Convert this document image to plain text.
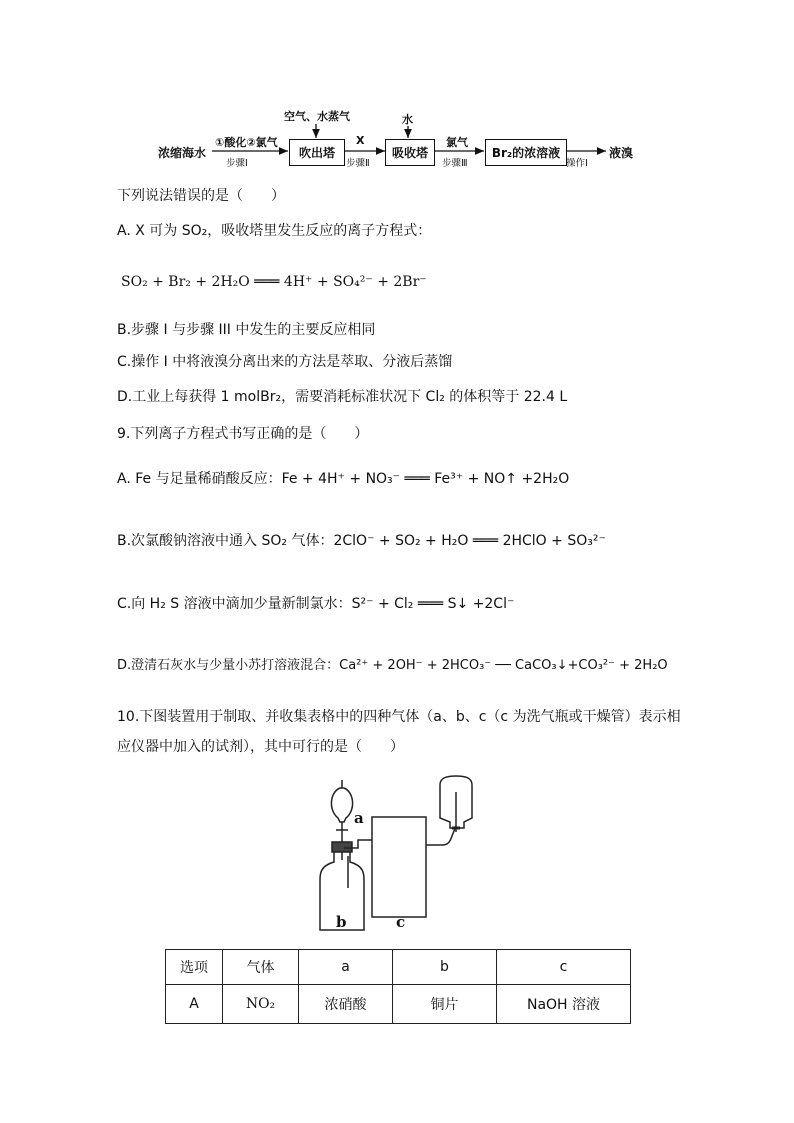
浓缩海水
①酸化②氯气
步骤Ⅰ
空气、水蒸气
吹出塔
X
步骤Ⅱ
水
吸收塔
氯气
步骤Ⅲ
Br₂的浓溶液
操作Ⅰ
液溴
下列说法错误的是（　　）
A. X 可为 SO₂，吸收塔里发生反应的离子方程式：
SO₂ + Br₂ + 2H₂O ═══ 4H⁺ + SO₄²⁻ + 2Br⁻
B.步骤 I 与步骤 III 中发生的主要反应相同
C.操作 I 中将液溴分离出来的方法是萃取、分液后蒸馏
D.工业上每获得 1 molBr₂，需要消耗标准状况下 Cl₂ 的体积等于 22.4 L
9.下列离子方程式书写正确的是（　　）
A. Fe 与足量稀硝酸反应：Fe + 4H⁺ + NO₃⁻ ═══ Fe³⁺ + NO↑ +2H₂O
B.次氯酸钠溶液中通入 SO₂ 气体：2ClO⁻ + SO₂ + H₂O ═══ 2HClO + SO₃²⁻
C.向 H₂ S 溶液中滴加少量新制氯水：S²⁻ + Cl₂ ═══ S↓ +2Cl⁻
D.澄清石灰水与少量小苏打溶液混合：Ca²⁺ + 2OH⁻ + 2HCO₃⁻ ── CaCO₃↓+CO₃²⁻ + 2H₂O
10.下图装置用于制取、并收集表格中的四种气体（a、b、c（c 为洗气瓶或干燥管）表示相
应仪器中加入的试剂），其中可行的是（　　）
a
b	c
选项	气体	a	b	c
A	NO₂	浓硝酸	铜片	NaOH 溶液
